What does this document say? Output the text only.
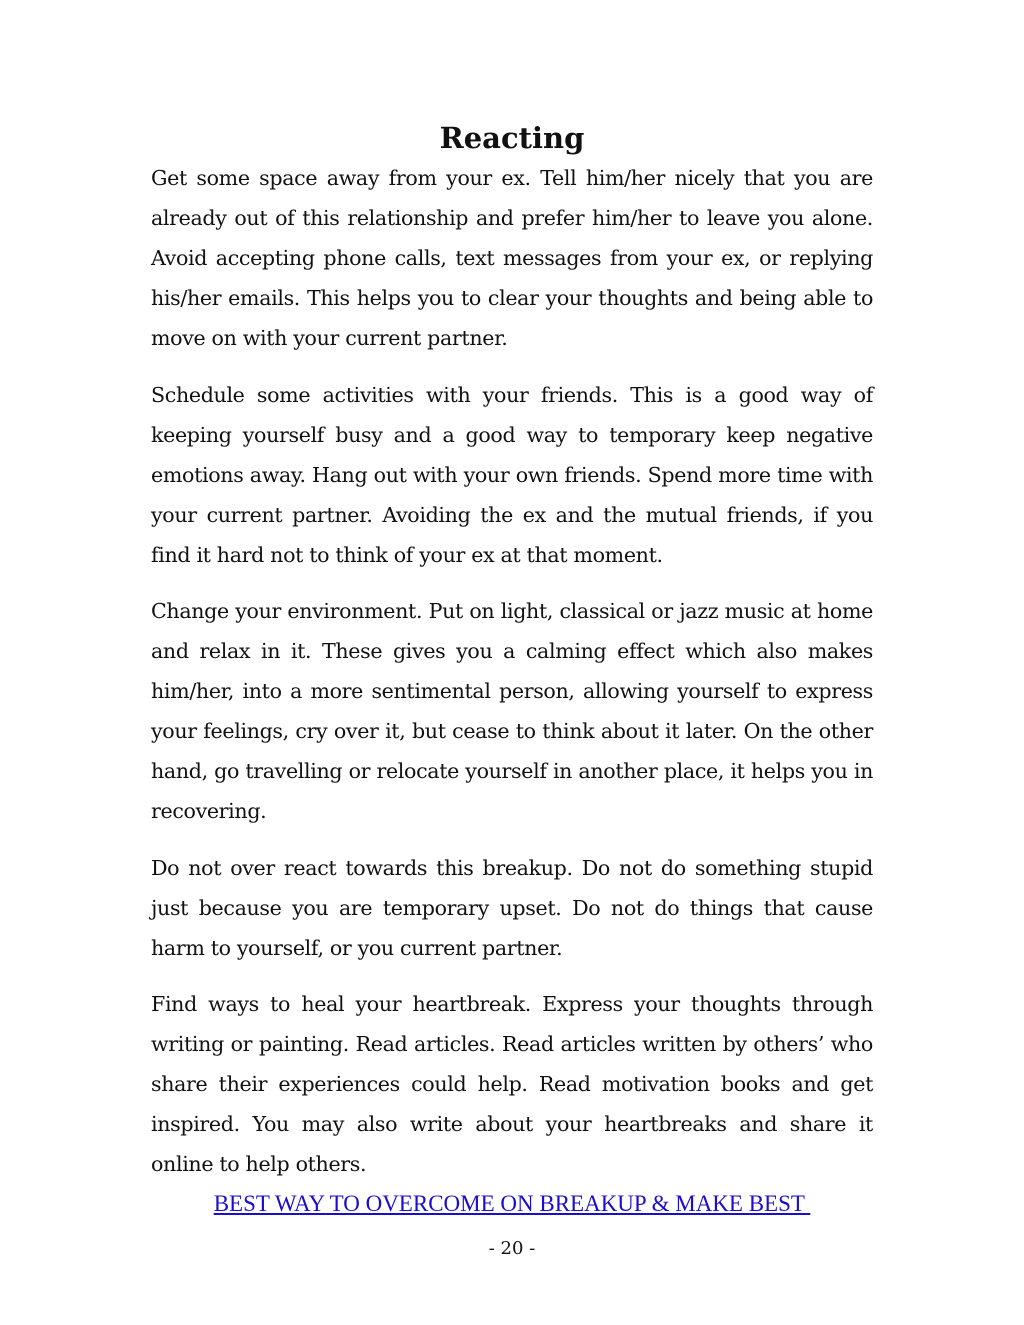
Reacting

Get some space away from your ex. Tell him/her nicely that you are already out of this relationship and prefer him/her to leave you alone. Avoid accepting phone calls, text messages from your ex, or replying his/her emails. This helps you to clear your thoughts and being able to move on with your current partner.

Schedule some activities with your friends. This is a good way of keeping yourself busy and a good way to temporary keep negative emotions away. Hang out with your own friends. Spend more time with your current partner. Avoiding the ex and the mutual friends, if you find it hard not to think of your ex at that moment.

Change your environment. Put on light, classical or jazz music at home and relax in it. These gives you a calming effect which also makes him/her, into a more sentimental person, allowing yourself to express your feelings, cry over it, but cease to think about it later. On the other hand, go travelling or relocate yourself in another place, it helps you in recovering.

Do not over react towards this breakup. Do not do something stupid just because you are temporary upset. Do not do things that cause harm to yourself, or you current partner.

Find ways to heal your heartbreak. Express your thoughts through writing or painting. Read articles. Read articles written by others’ who share their experiences could help. Read motivation books and get inspired. You may also write about your heartbreaks and share it online to help others.

BEST WAY TO OVERCOME ON BREAKUP & MAKE BEST
- 20 -
